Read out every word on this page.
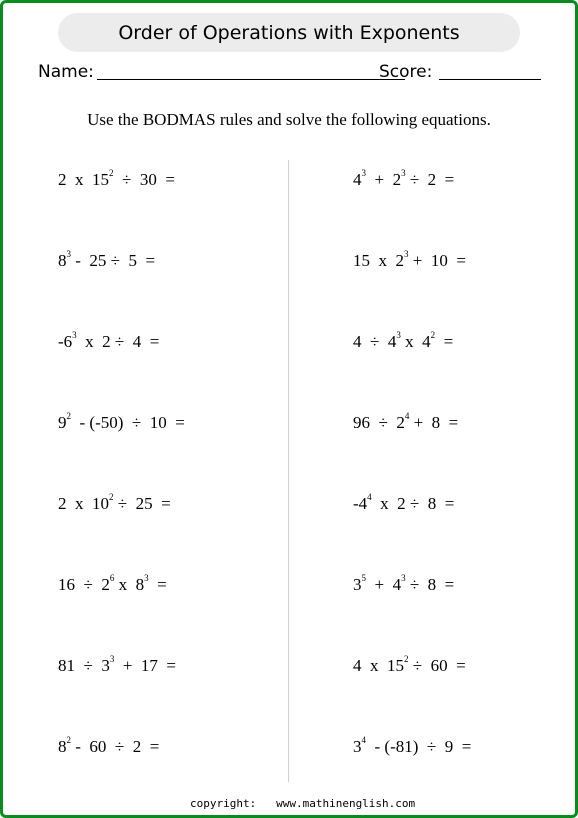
Order of Operations with Exponents
Name:	Score:
Use the BODMAS rules and solve the following equations.
2  x  $15^2 \div 30$  =
$8^3 - 25 \div 5$  =
$-6^3$  x  2 ÷  4  =
$9^2 - (-50) \div 10$  =
2  x  $10^2 \div 25$  =
$16 \div 2^6$ x  $8^3$  =
$81 \div 3^3 + 17$  =
$8^2 - 60 \div 2$  =
$4^3 + 2^3 \div 2$  =
15  x  $2^3 + 10$  =
$4 \div 4^3$ x  $4^2$  =
$96 \div 2^4 + 8$  =
$-4^4$  x  2 ÷  8  =
$3^5 + 4^3 \div 8$  =
4  x  $15^2 \div 60$  =
$3^4 - (-81) \div 9$  =
copyright:   www.mathinenglish.com
